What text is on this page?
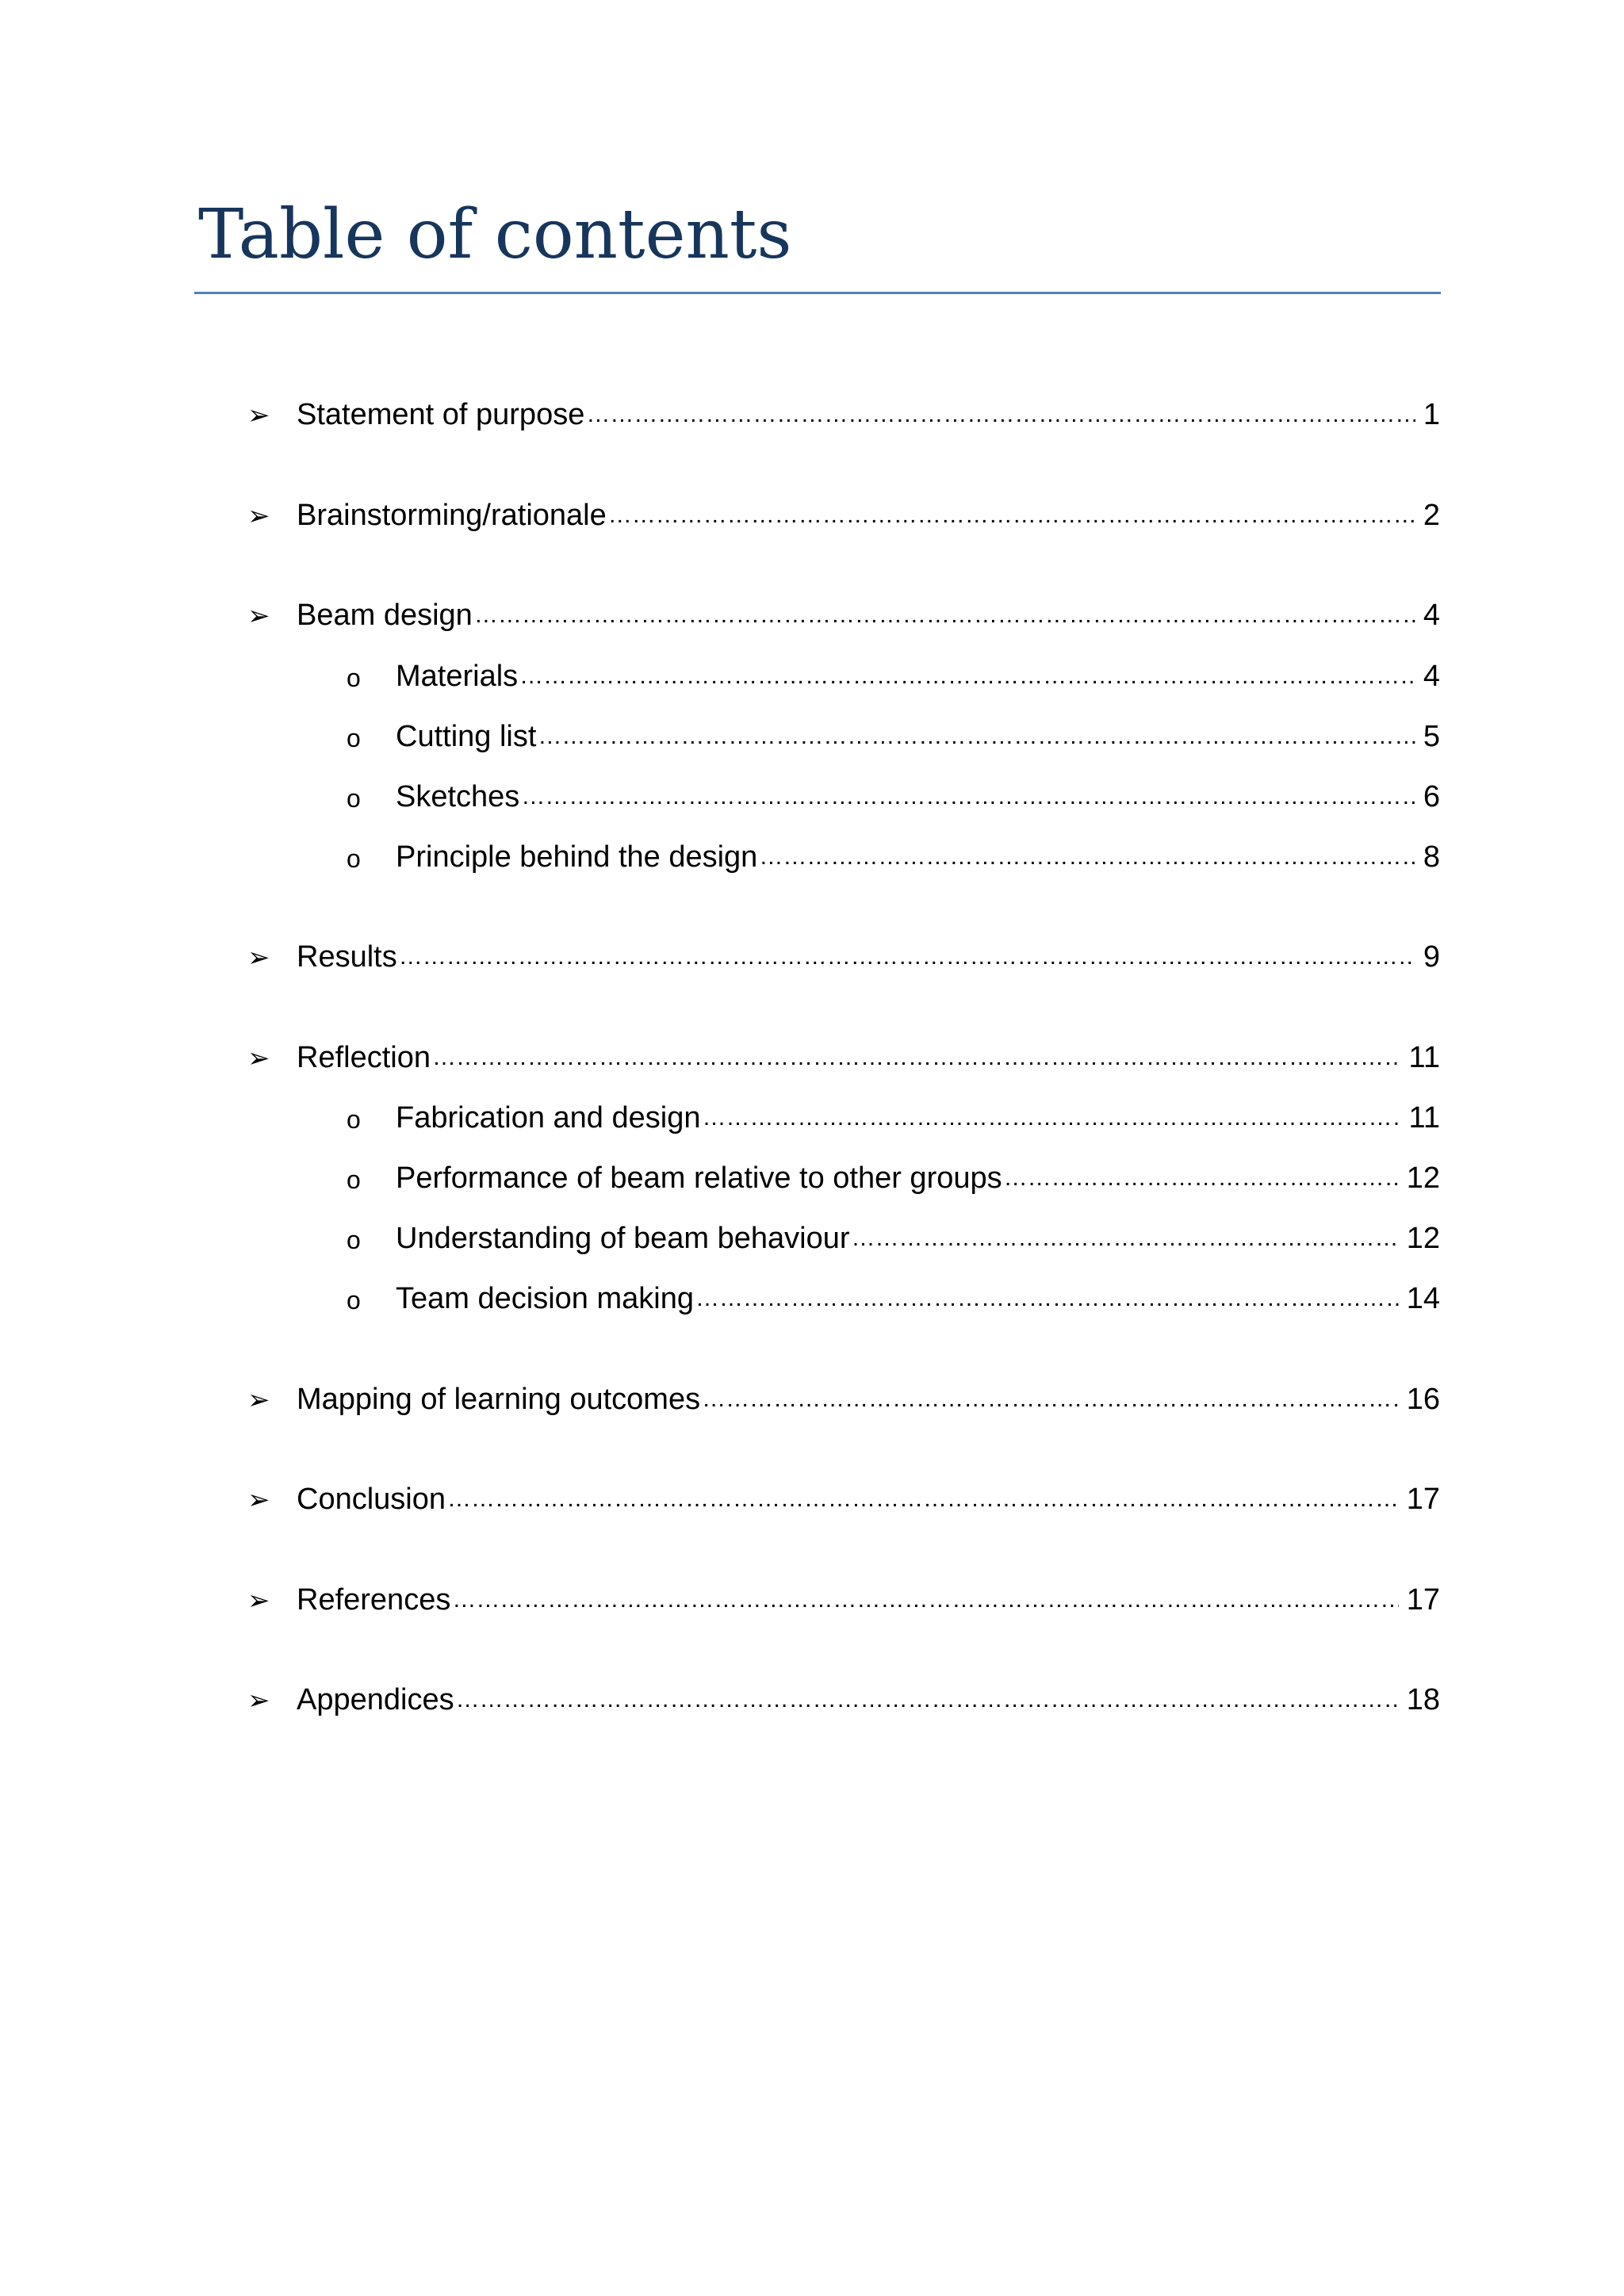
Table of contents
➢ Statement of purpose ………………………………………………………………………………………………………………………………………………………………………………………………………………………………………………	1
➢ Brainstorming/rationale ………………………………………………………………………………………………………………………………………………………………………………………………………………………………………………	2
➢ Beam design ………………………………………………………………………………………………………………………………………………………………………………………………………………………………………………	4
o	Materials ………………………………………………………………………………………………………………………………………………………………………………………………………………………………………………	4
o	Cutting list ………………………………………………………………………………………………………………………………………………………………………………………………………………………………………………	5
o	Sketches ………………………………………………………………………………………………………………………………………………………………………………………………………………………………………………	6
o	Principle behind the design ………………………………………………………………………………………………………………………………………………………………………………………………………………………………………………	8
➢ Results ………………………………………………………………………………………………………………………………………………………………………………………………………………………………………………	9
➢ Reflection ………………………………………………………………………………………………………………………………………………………………………………………………………………………………………………	11
o	Fabrication and design ………………………………………………………………………………………………………………………………………………………………………………………………………………………………………………	11
o	Performance of beam relative to other groups ………………………………………………………………………………………………………………………………………………………………………………………………………………………………………………	12
o	Understanding of beam behaviour ………………………………………………………………………………………………………………………………………………………………………………………………………………………………………………	12
o	Team decision making ………………………………………………………………………………………………………………………………………………………………………………………………………………………………………………	14
➢ Mapping of learning outcomes ………………………………………………………………………………………………………………………………………………………………………………………………………………………………………………	16
➢ Conclusion ………………………………………………………………………………………………………………………………………………………………………………………………………………………………………………	17
➢ References ………………………………………………………………………………………………………………………………………………………………………………………………………………………………………………	17
➢ Appendices ………………………………………………………………………………………………………………………………………………………………………………………………………………………………………………	18
